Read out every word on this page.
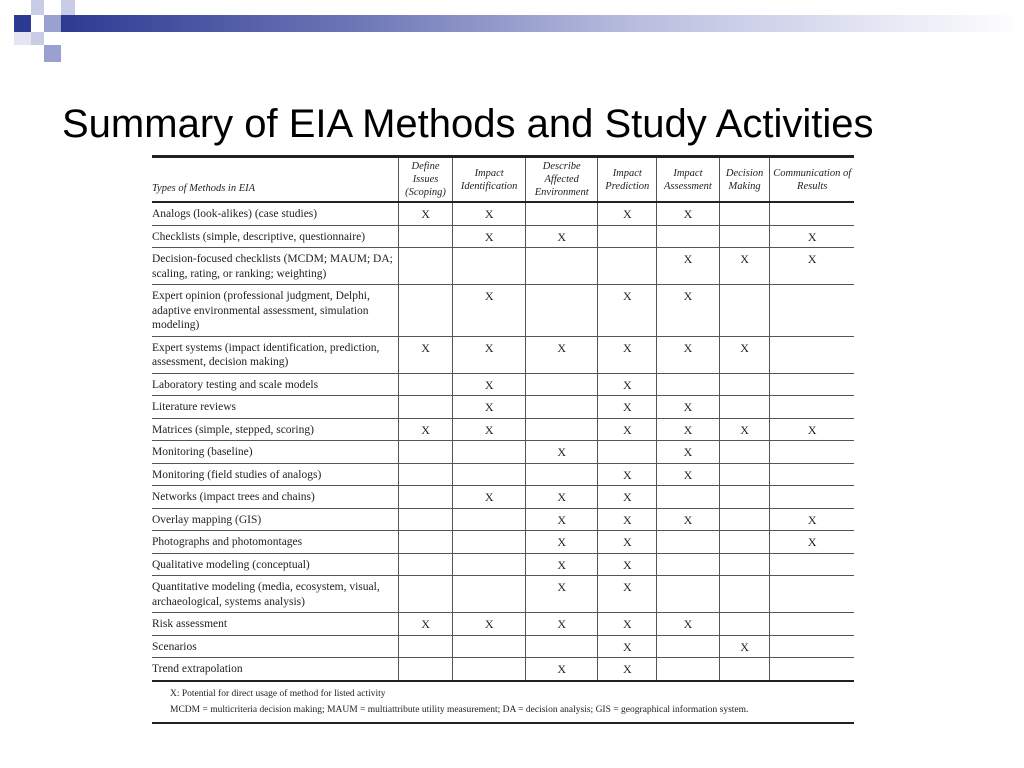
Summary of EIA Methods and Study Activities
Types of Methods in EIA	Define Issues (Scoping)	Impact Identification	Describe Affected Environment	Impact Prediction	Impact Assessment	Decision Making	Communication of Results
Analogs (look-alikes) (case studies)	X	X		X	X		
Checklists (simple, descriptive, questionnaire)		X	X				X
Decision-focused checklists (MCDM; MAUM; DA; scaling, rating, or ranking; weighting)					X	X	X
Expert opinion (professional judgment, Delphi, adaptive environmental assessment, simulation modeling)		X		X	X		
Expert systems (impact identification, prediction, assessment, decision making)	X	X	X	X	X	X	
Laboratory testing and scale models		X		X			
Literature reviews		X		X	X		
Matrices (simple, stepped, scoring)	X	X		X	X	X	X
Monitoring (baseline)			X		X		
Monitoring (field studies of analogs)				X	X		
Networks (impact trees and chains)		X	X	X			
Overlay mapping (GIS)			X	X	X		X
Photographs and photomontages			X	X			X
Qualitative modeling (conceptual)			X	X			
Quantitative modeling (media, ecosystem, visual, archaeological, systems analysis)			X	X			
Risk assessment	X	X	X	X	X		
Scenarios				X		X	
Trend extrapolation			X	X			
X: Potential for direct usage of method for listed activity
MCDM = multicriteria decision making; MAUM = multiattribute utility measurement; DA = decision analysis; GIS = geographical information system.
